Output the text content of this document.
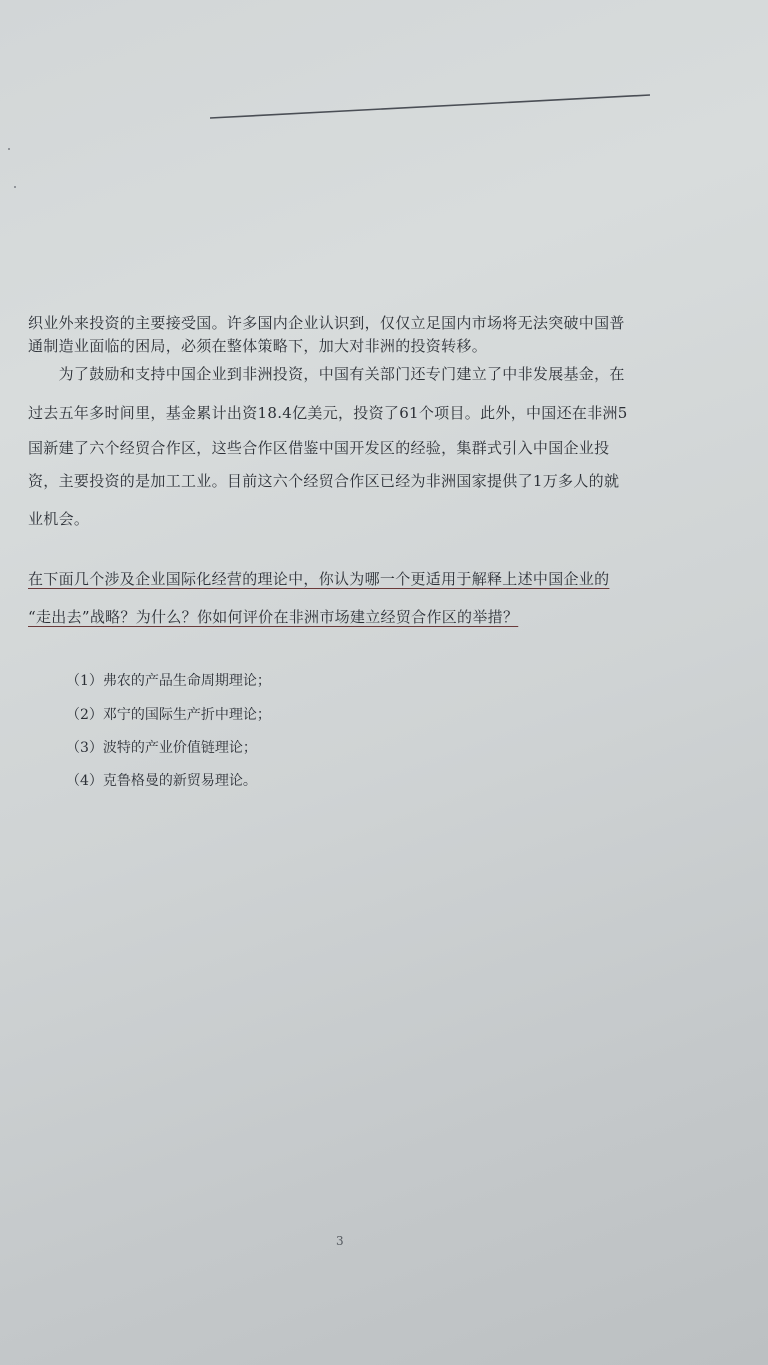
织业外来投资的主要接受国。许多国内企业认识到，仅仅立足国内市场将无法突破中国普
通制造业面临的困局，必须在整体策略下，加大对非洲的投资转移。
　　为了鼓励和支持中国企业到非洲投资，中国有关部门还专门建立了中非发展基金，在
过去五年多时间里，基金累计出资18.4亿美元，投资了61个项目。此外，中国还在非洲5
国新建了六个经贸合作区，这些合作区借鉴中国开发区的经验，集群式引入中国企业投
资，主要投资的是加工工业。目前这六个经贸合作区已经为非洲国家提供了1万多人的就
业机会。
在下面几个涉及企业国际化经营的理论中，你认为哪一个更适用于解释上述中国企业的
“走出去”战略？为什么？你如何评价在非洲市场建立经贸合作区的举措？
（1）弗农的产品生命周期理论；
（2）邓宁的国际生产折中理论；
（3）波特的产业价值链理论；
（4）克鲁格曼的新贸易理论。
3
